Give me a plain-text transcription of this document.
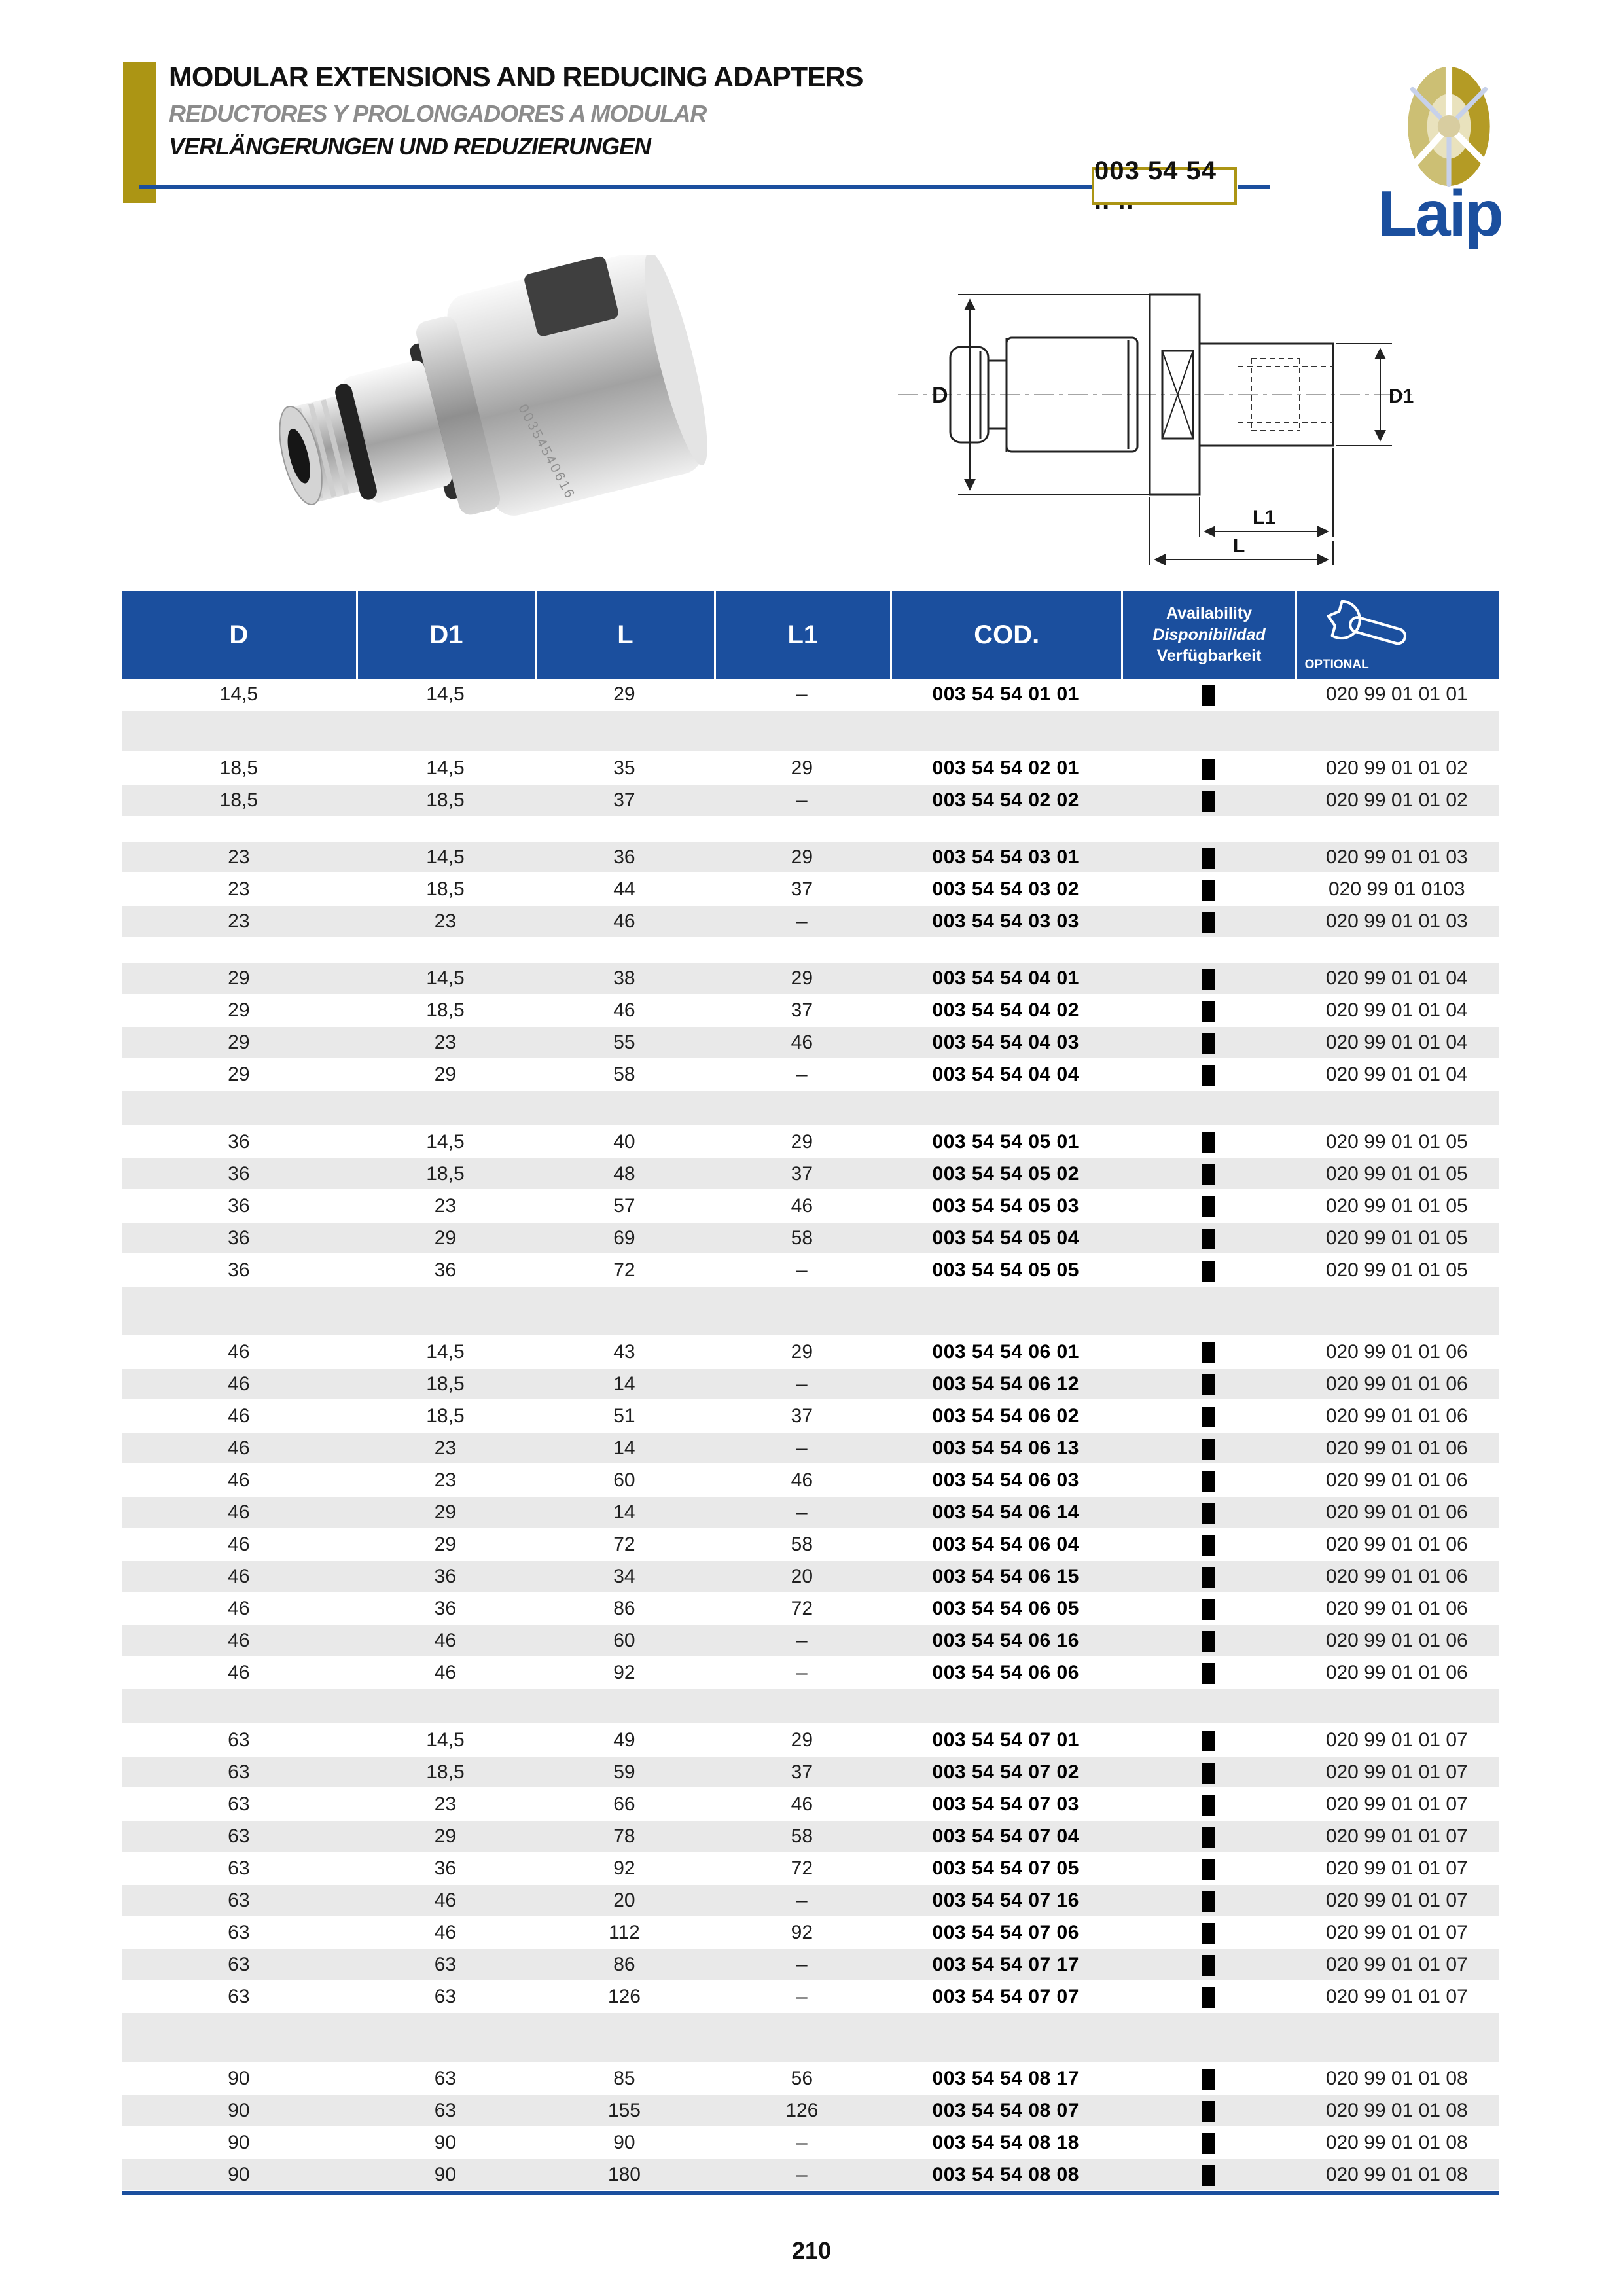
MODULAR EXTENSIONS AND REDUCING ADAPTERS
REDUCTORES Y PROLONGADORES A MODULAR
VERLÄNGERUNGEN UND REDUZIERUNGEN
003 54 54 .. ..	Laip
00354540616
D	D1
L1
L
D	D1	L	L1	COD.
Availability
Disponibilidad
Verfügbarkeit	OPTIONAL
14,5	14,5	29	–	003 54 54 01 01	020 99 01 01 01
18,5	14,5	35	29	003 54 54 02 01	020 99 01 01 02
18,5	18,5	37	–	003 54 54 02 02	020 99 01 01 02
23	14,5	36	29	003 54 54 03 01	020 99 01 01 03
23	18,5	44	37	003 54 54 03 02	020 99 01 0103
23	23	46	–	003 54 54 03 03	020 99 01 01 03
29	14,5	38	29	003 54 54 04 01	020 99 01 01 04
29	18,5	46	37	003 54 54 04 02	020 99 01 01 04
29	23	55	46	003 54 54 04 03	020 99 01 01 04
29	29	58	–	003 54 54 04 04	020 99 01 01 04
36	14,5	40	29	003 54 54 05 01	020 99 01 01 05
36	18,5	48	37	003 54 54 05 02	020 99 01 01 05
36	23	57	46	003 54 54 05 03	020 99 01 01 05
36	29	69	58	003 54 54 05 04	020 99 01 01 05
36	36	72	–	003 54 54 05 05	020 99 01 01 05
46	14,5	43	29	003 54 54 06 01	020 99 01 01 06
46	18,5	14	–	003 54 54 06 12	020 99 01 01 06
46	18,5	51	37	003 54 54 06 02	020 99 01 01 06
46	23	14	–	003 54 54 06 13	020 99 01 01 06
46	23	60	46	003 54 54 06 03	020 99 01 01 06
46	29	14	–	003 54 54 06 14	020 99 01 01 06
46	29	72	58	003 54 54 06 04	020 99 01 01 06
46	36	34	20	003 54 54 06 15	020 99 01 01 06
46	36	86	72	003 54 54 06 05	020 99 01 01 06
46	46	60	–	003 54 54 06 16	020 99 01 01 06
46	46	92	–	003 54 54 06 06	020 99 01 01 06
63	14,5	49	29	003 54 54 07 01	020 99 01 01 07
63	18,5	59	37	003 54 54 07 02	020 99 01 01 07
63	23	66	46	003 54 54 07 03	020 99 01 01 07
63	29	78	58	003 54 54 07 04	020 99 01 01 07
63	36	92	72	003 54 54 07 05	020 99 01 01 07
63	46	20	–	003 54 54 07 16	020 99 01 01 07
63	46	112	92	003 54 54 07 06	020 99 01 01 07
63	63	86	–	003 54 54 07 17	020 99 01 01 07
63	63	126	–	003 54 54 07 07	020 99 01 01 07
90	63	85	56	003 54 54 08 17	020 99 01 01 08
90	63	155	126	003 54 54 08 07	020 99 01 01 08
90	90	90	–	003 54 54 08 18	020 99 01 01 08
90	90	180	–	003 54 54 08 08	020 99 01 01 08
210
